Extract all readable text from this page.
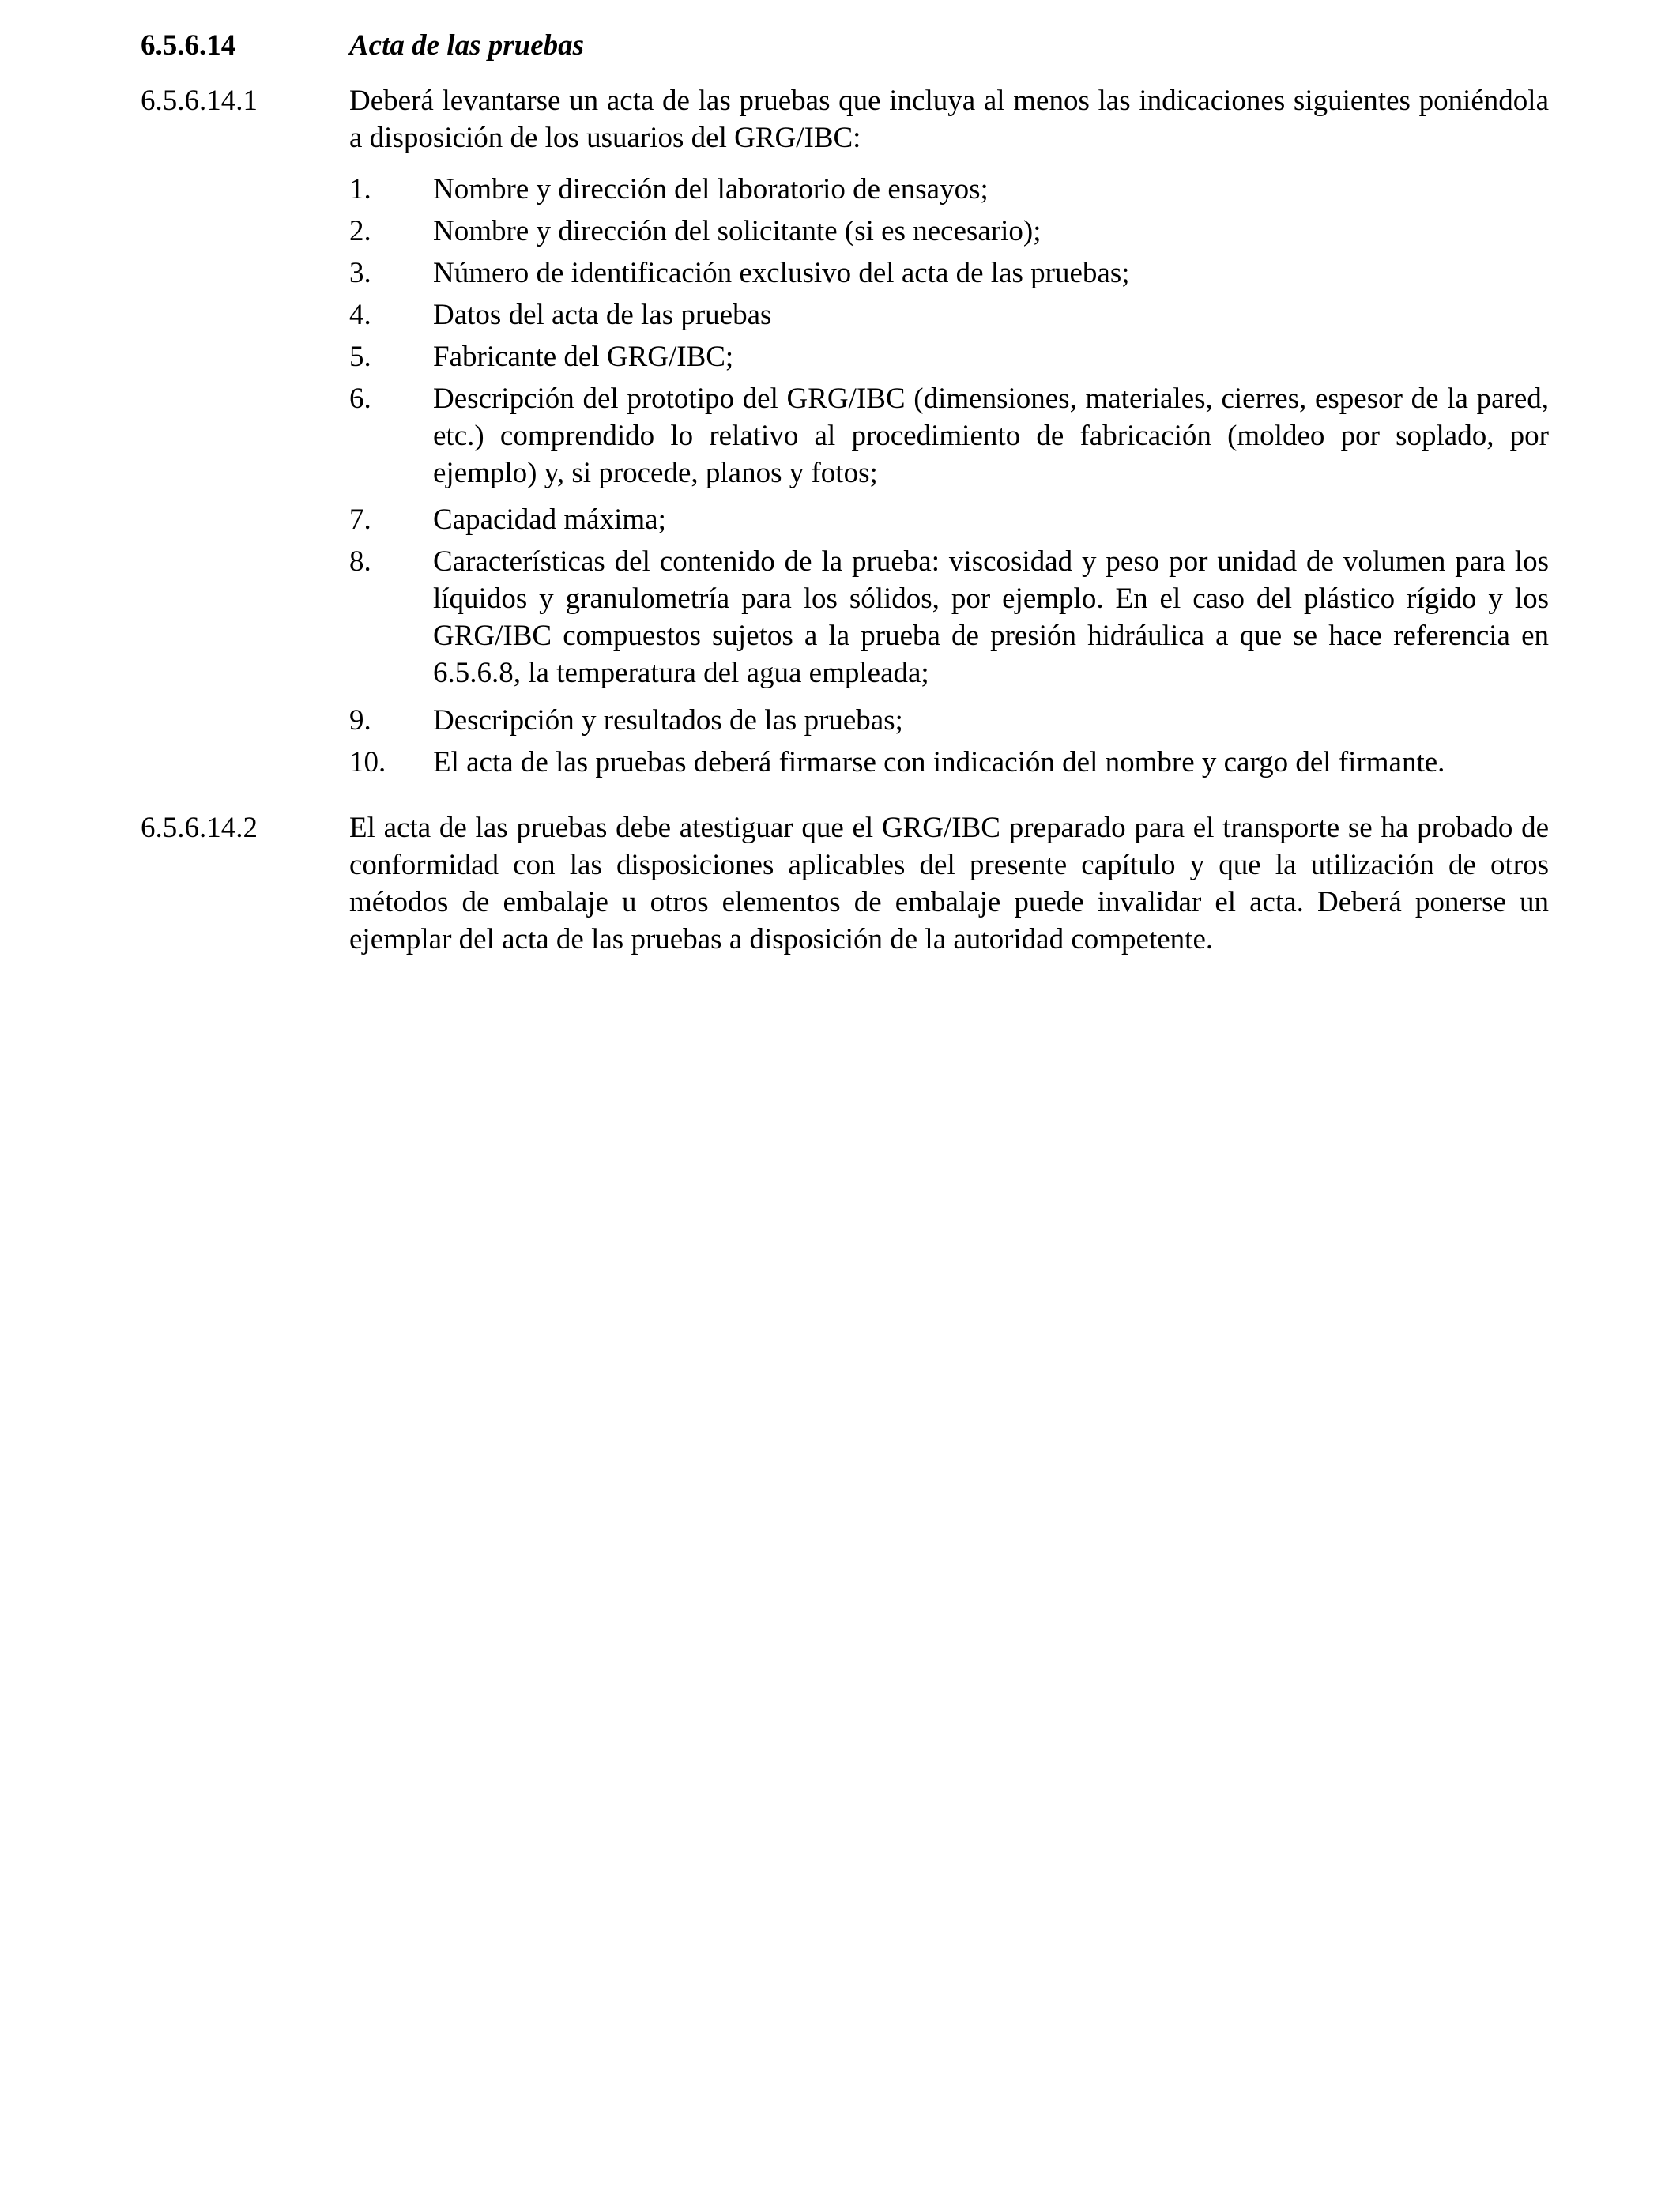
6.5.6.14	Acta de las pruebas
6.5.6.14.1	Deberá levantarse un acta de las pruebas que incluya al menos las indicaciones siguientes poniéndola a disposición de los usuarios del GRG/IBC:
1. Nombre y dirección del laboratorio de ensayos;
2. Nombre y dirección del solicitante (si es necesario);
3. Número de identificación exclusivo del acta de las pruebas;
4. Datos del acta de las pruebas
5. Fabricante del GRG/IBC;
6. Descripción del prototipo del GRG/IBC (dimensiones, materiales, cierres, espesor de la pared, etc.) comprendido lo relativo al procedimiento de fabricación (moldeo por soplado, por ejemplo) y, si procede, planos y fotos;
7. Capacidad máxima;
8. Características del contenido de la prueba: viscosidad y peso por unidad de volumen para los líquidos y granulometría para los sólidos, por ejemplo. En el caso del plástico rígido y los GRG/IBC compuestos sujetos a la prueba de presión hidráulica a que se hace referencia en 6.5.6.8, la temperatura del agua empleada;
9. Descripción y resultados de las pruebas;
10. El acta de las pruebas deberá firmarse con indicación del nombre y cargo del firmante.
6.5.6.14.2	El acta de las pruebas debe atestiguar que el GRG/IBC preparado para el transporte se ha probado de conformidad con las disposiciones aplicables del presente capítulo y que la utilización de otros métodos de embalaje u otros elementos de embalaje puede invalidar el acta. Deberá ponerse un ejemplar del acta de las pruebas a disposición de la autoridad competente.
